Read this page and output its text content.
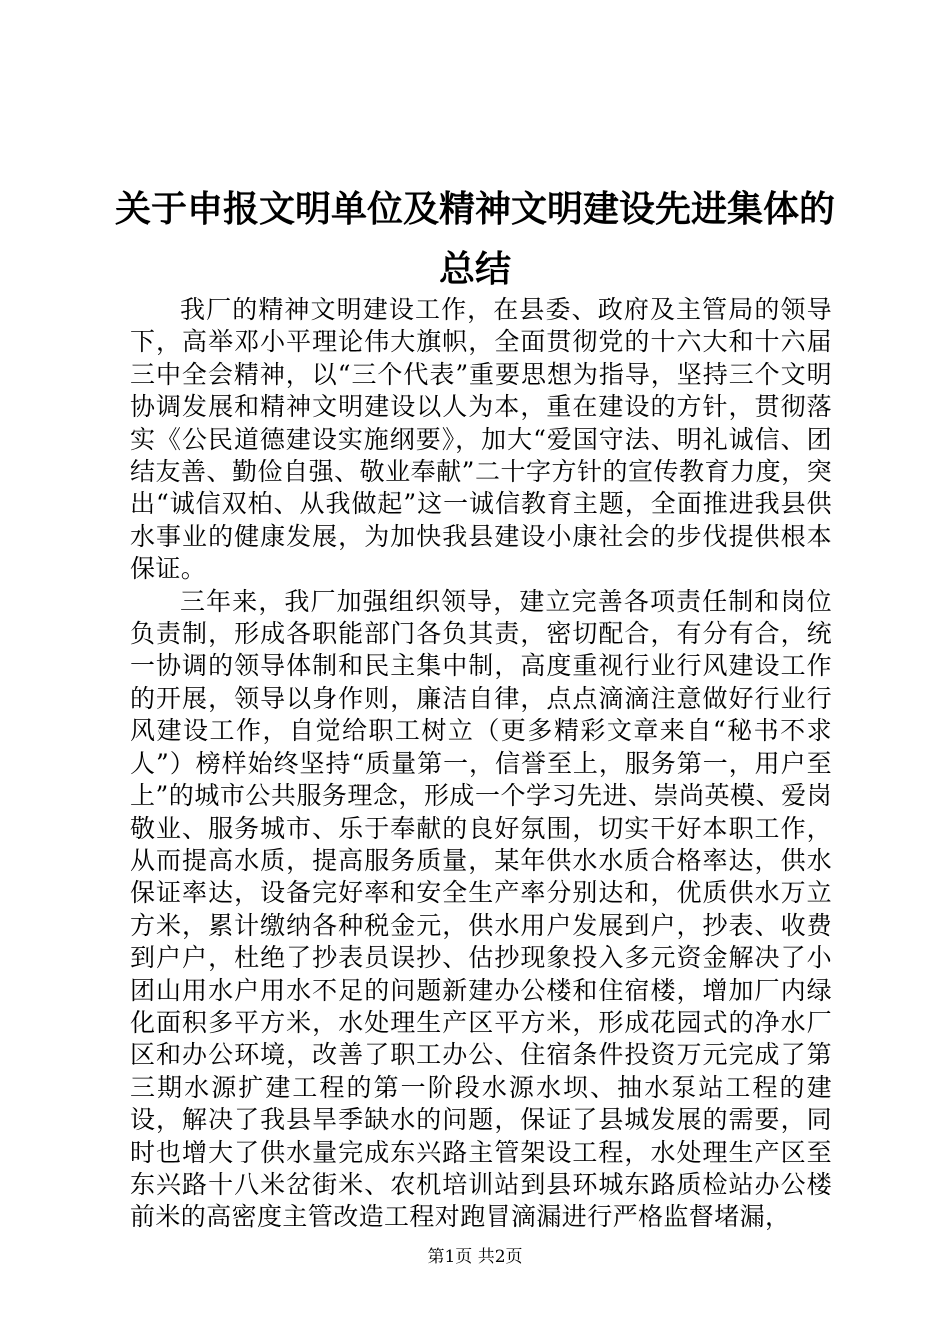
关于申报文明单位及精神文明建设先进集体的
总结

我厂的精神文明建设工作，在县委、政府及主管局的领导下，高举邓小平理论伟大旗帜，全面贯彻党的十六大和十六届三中全会精神，以“三个代表”重要思想为指导，坚持三个文明协调发展和精神文明建设以人为本，重在建设的方针，贯彻落实《公民道德建设实施纲要》，加大“爱国守法、明礼诚信、团结友善、勤俭自强、敬业奉献”二十字方针的宣传教育力度，突出“诚信双柏、从我做起”这一诚信教育主题，全面推进我县供水事业的健康发展，为加快我县建设小康社会的步伐提供根本保证。

三年来，我厂加强组织领导，建立完善各项责任制和岗位负责制，形成各职能部门各负其责，密切配合，有分有合，统一协调的领导体制和民主集中制，高度重视行业行风建设工作的开展，领导以身作则，廉洁自律，点点滴滴注意做好行业行风建设工作，自觉给职工树立（更多精彩文章来自“秘书不求人”）榜样始终坚持“质量第一，信誉至上，服务第一，用户至上”的城市公共服务理念，形成一个学习先进、崇尚英模、爱岗敬业、服务城市、乐于奉献的良好氛围，切实干好本职工作，从而提高水质，提高服务质量，某年供水水质合格率达，供水保证率达，设备完好率和安全生产率分别达和，优质供水万立方米，累计缴纳各种税金元，供水用户发展到户，抄表、收费到户户，杜绝了抄表员误抄、估抄现象投入多元资金解决了小团山用水户用水不足的问题新建办公楼和住宿楼，增加厂内绿化面积多平方米，水处理生产区平方米，形成花园式的净水厂区和办公环境，改善了职工办公、住宿条件投资万元完成了第三期水源扩建工程的第一阶段水源水坝、抽水泵站工程的建设，解决了我县旱季缺水的问题，保证了县城发展的需要，同时也增大了供水量完成东兴路主管架设工程，水处理生产区至东兴路十八米岔街米、农机培训站到县环城东路质检站办公楼前米的高密度主管改造工程对跑冒滴漏进行严格监督堵漏，

第1页 共2页
